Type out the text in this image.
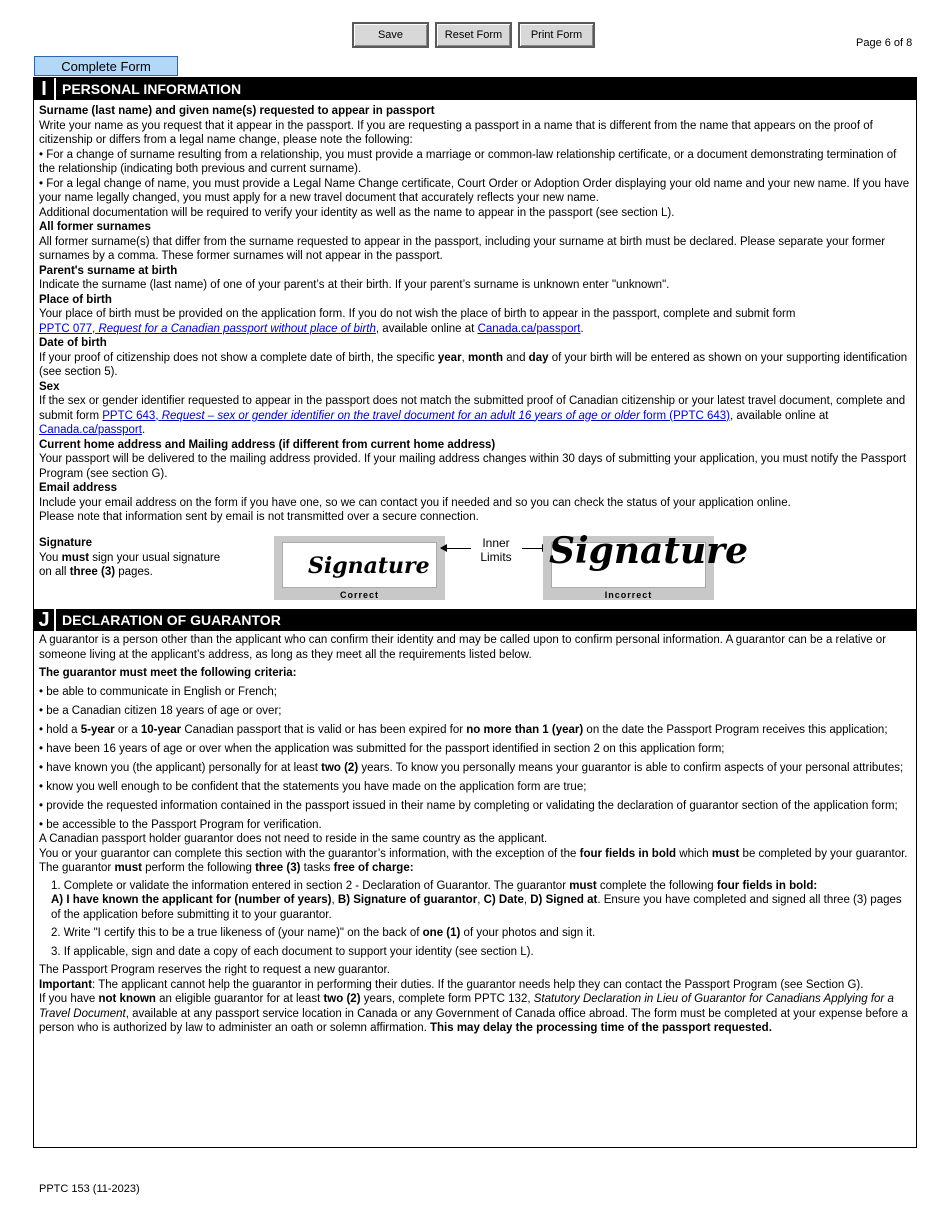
Save	Reset Form	Print Form
Page 6 of 8
Complete Form
I	PERSONAL INFORMATION

Surname (last name) and given name(s) requested to appear in passport

Write your name as you request that it appear in the passport. If you are requesting a passport in a name that is different from the name that appears on the proof of citizenship or differs from a legal name change, please note the following:

• For a change of surname resulting from a relationship, you must provide a marriage or common-law relationship certificate, or a document demonstrating termination of the relationship (indicating both previous and current surname).

• For a legal change of name, you must provide a Legal Name Change certificate, Court Order or Adoption Order displaying your old name and your new name. If you have your name legally changed, you must apply for a new travel document that accurately reflects your new name.

Additional documentation will be required to verify your identity as well as the name to appear in the passport (see section L).

All former surnames

All former surname(s) that differ from the surname requested to appear in the passport, including your surname at birth must be declared. Please separate your former surnames by a comma. These former surnames will not appear in the passport.

Parent's surname at birth

Indicate the surname (last name) of one of your parent’s at their birth. If your parent’s surname is unknown enter "unknown".

Place of birth

Your place of birth must be provided on the application form. If you do not wish the place of birth to appear in the passport, complete and submit form
PPTC 077, Request for a Canadian passport without place of birth, available online at Canada.ca/passport.

Date of birth

If your proof of citizenship does not show a complete date of birth, the specific year, month and day of your birth will be entered as shown on your supporting identification (see section 5).

Sex

If the sex or gender identifier requested to appear in the passport does not match the submitted proof of Canadian citizenship or your latest travel document, complete and submit form PPTC 643, Request – sex or gender identifier on the travel document for an adult 16 years of age or older form (PPTC 643), available online at Canada.ca/passport.

Current home address and Mailing address (if different from current home address)

Your passport will be delivered to the mailing address provided. If your mailing address changes within 30 days of submitting your application, you must notify the Passport Program (see section G).

Email address

Include your email address on the form if you have one, so we can contact you if needed and so you can check the status of your application online.

Please note that information sent by email is not transmitted over a secure connection.

Signature
You must sign your usual signature
on all three (3) pages.	Signature
Correct
Inner
Limits Signature
Incorrect
J DECLARATION OF GUARANTOR

A guarantor is a person other than the applicant who can confirm their identity and may be called upon to confirm personal information. A guarantor can be a relative or someone living at the applicant’s address, as long as they meet all the requirements listed below.

The guarantor must meet the following criteria:

• be able to communicate in English or French;

• be a Canadian citizen 18 years of age or over;

• hold a 5-year or a 10-year Canadian passport that is valid or has been expired for no more than 1 (year) on the date the Passport Program receives this application;

• have been 16 years of age or over when the application was submitted for the passport identified in section 2 on this application form;

• have known you (the applicant) personally for at least two (2) years. To know you personally means your guarantor is able to confirm aspects of your personal attributes;

• know you well enough to be confident that the statements you have made on the application form are true;

• provide the requested information contained in the passport issued in their name by completing or validating the declaration of guarantor section of the application form;

• be accessible to the Passport Program for verification.

A Canadian passport holder guarantor does not need to reside in the same country as the applicant.

You or your guarantor can complete this section with the guarantor’s information, with the exception of the four fields in bold which must be completed by your guarantor.

The guarantor must perform the following three (3) tasks free of charge:

1. Complete or validate the information entered in section 2 - Declaration of Guarantor. The guarantor must complete the following four fields in bold:
A) I have known the applicant for (number of years), B) Signature of guarantor, C) Date, D) Signed at. Ensure you have completed and signed all three (3) pages of the application before submitting it to your guarantor.

2. Write "I certify this to be a true likeness of (your name)" on the back of one (1) of your photos and sign it.

3. If applicable, sign and date a copy of each document to support your identity (see section L).

The Passport Program reserves the right to request a new guarantor.

Important: The applicant cannot help the guarantor in performing their duties. If the guarantor needs help they can contact the Passport Program (see Section G).

If you have not known an eligible guarantor for at least two (2) years, complete form PPTC 132, Statutory Declaration in Lieu of Guarantor for Canadians Applying for a Travel Document, available at any passport service location in Canada or any Government of Canada office abroad. The form must be completed at your expense before a person who is authorized by law to administer an oath or solemn affirmation. This may delay the processing time of the passport requested.

PPTC 153 (11-2023)
